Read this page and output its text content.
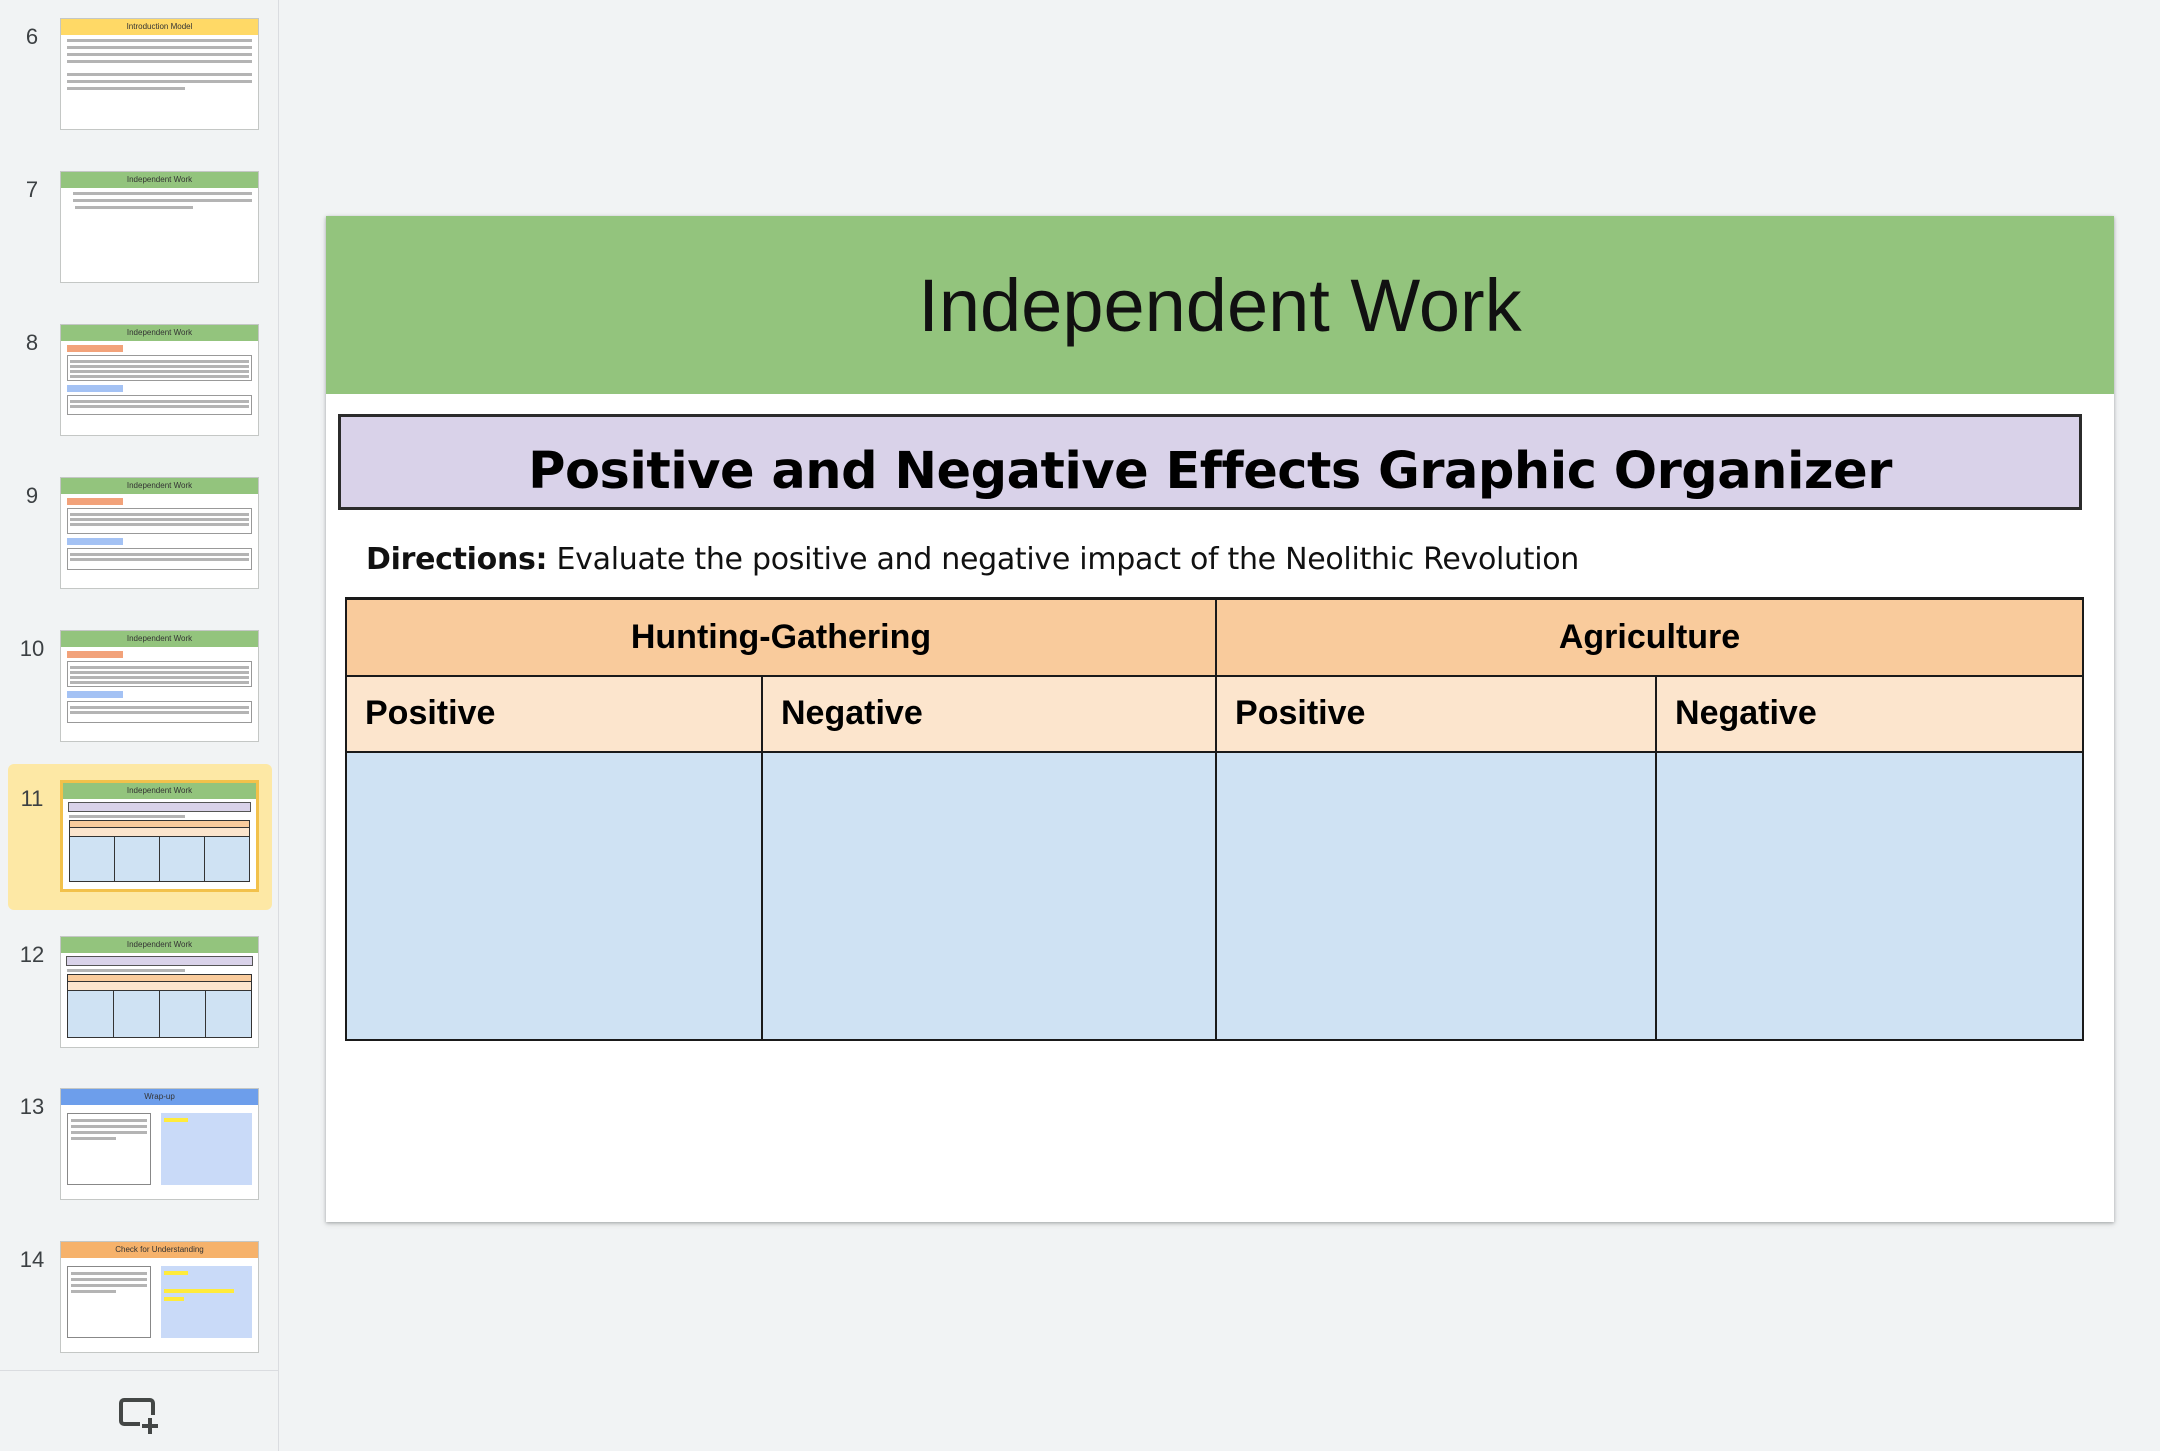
6	Introduction Model
7	Independent Work
8	Independent Work
9	Independent Work
10	Independent Work
11	Independent Work
12	Independent Work
13	Wrap-up
14	Check for Understanding
Independent Work
Positive and Negative Effects Graphic Organizer
Directions: Evaluate the positive and negative impact of the Neolithic Revolution
Hunting-Gathering		Agriculture	
Positive	Negative	Positive	Negative
